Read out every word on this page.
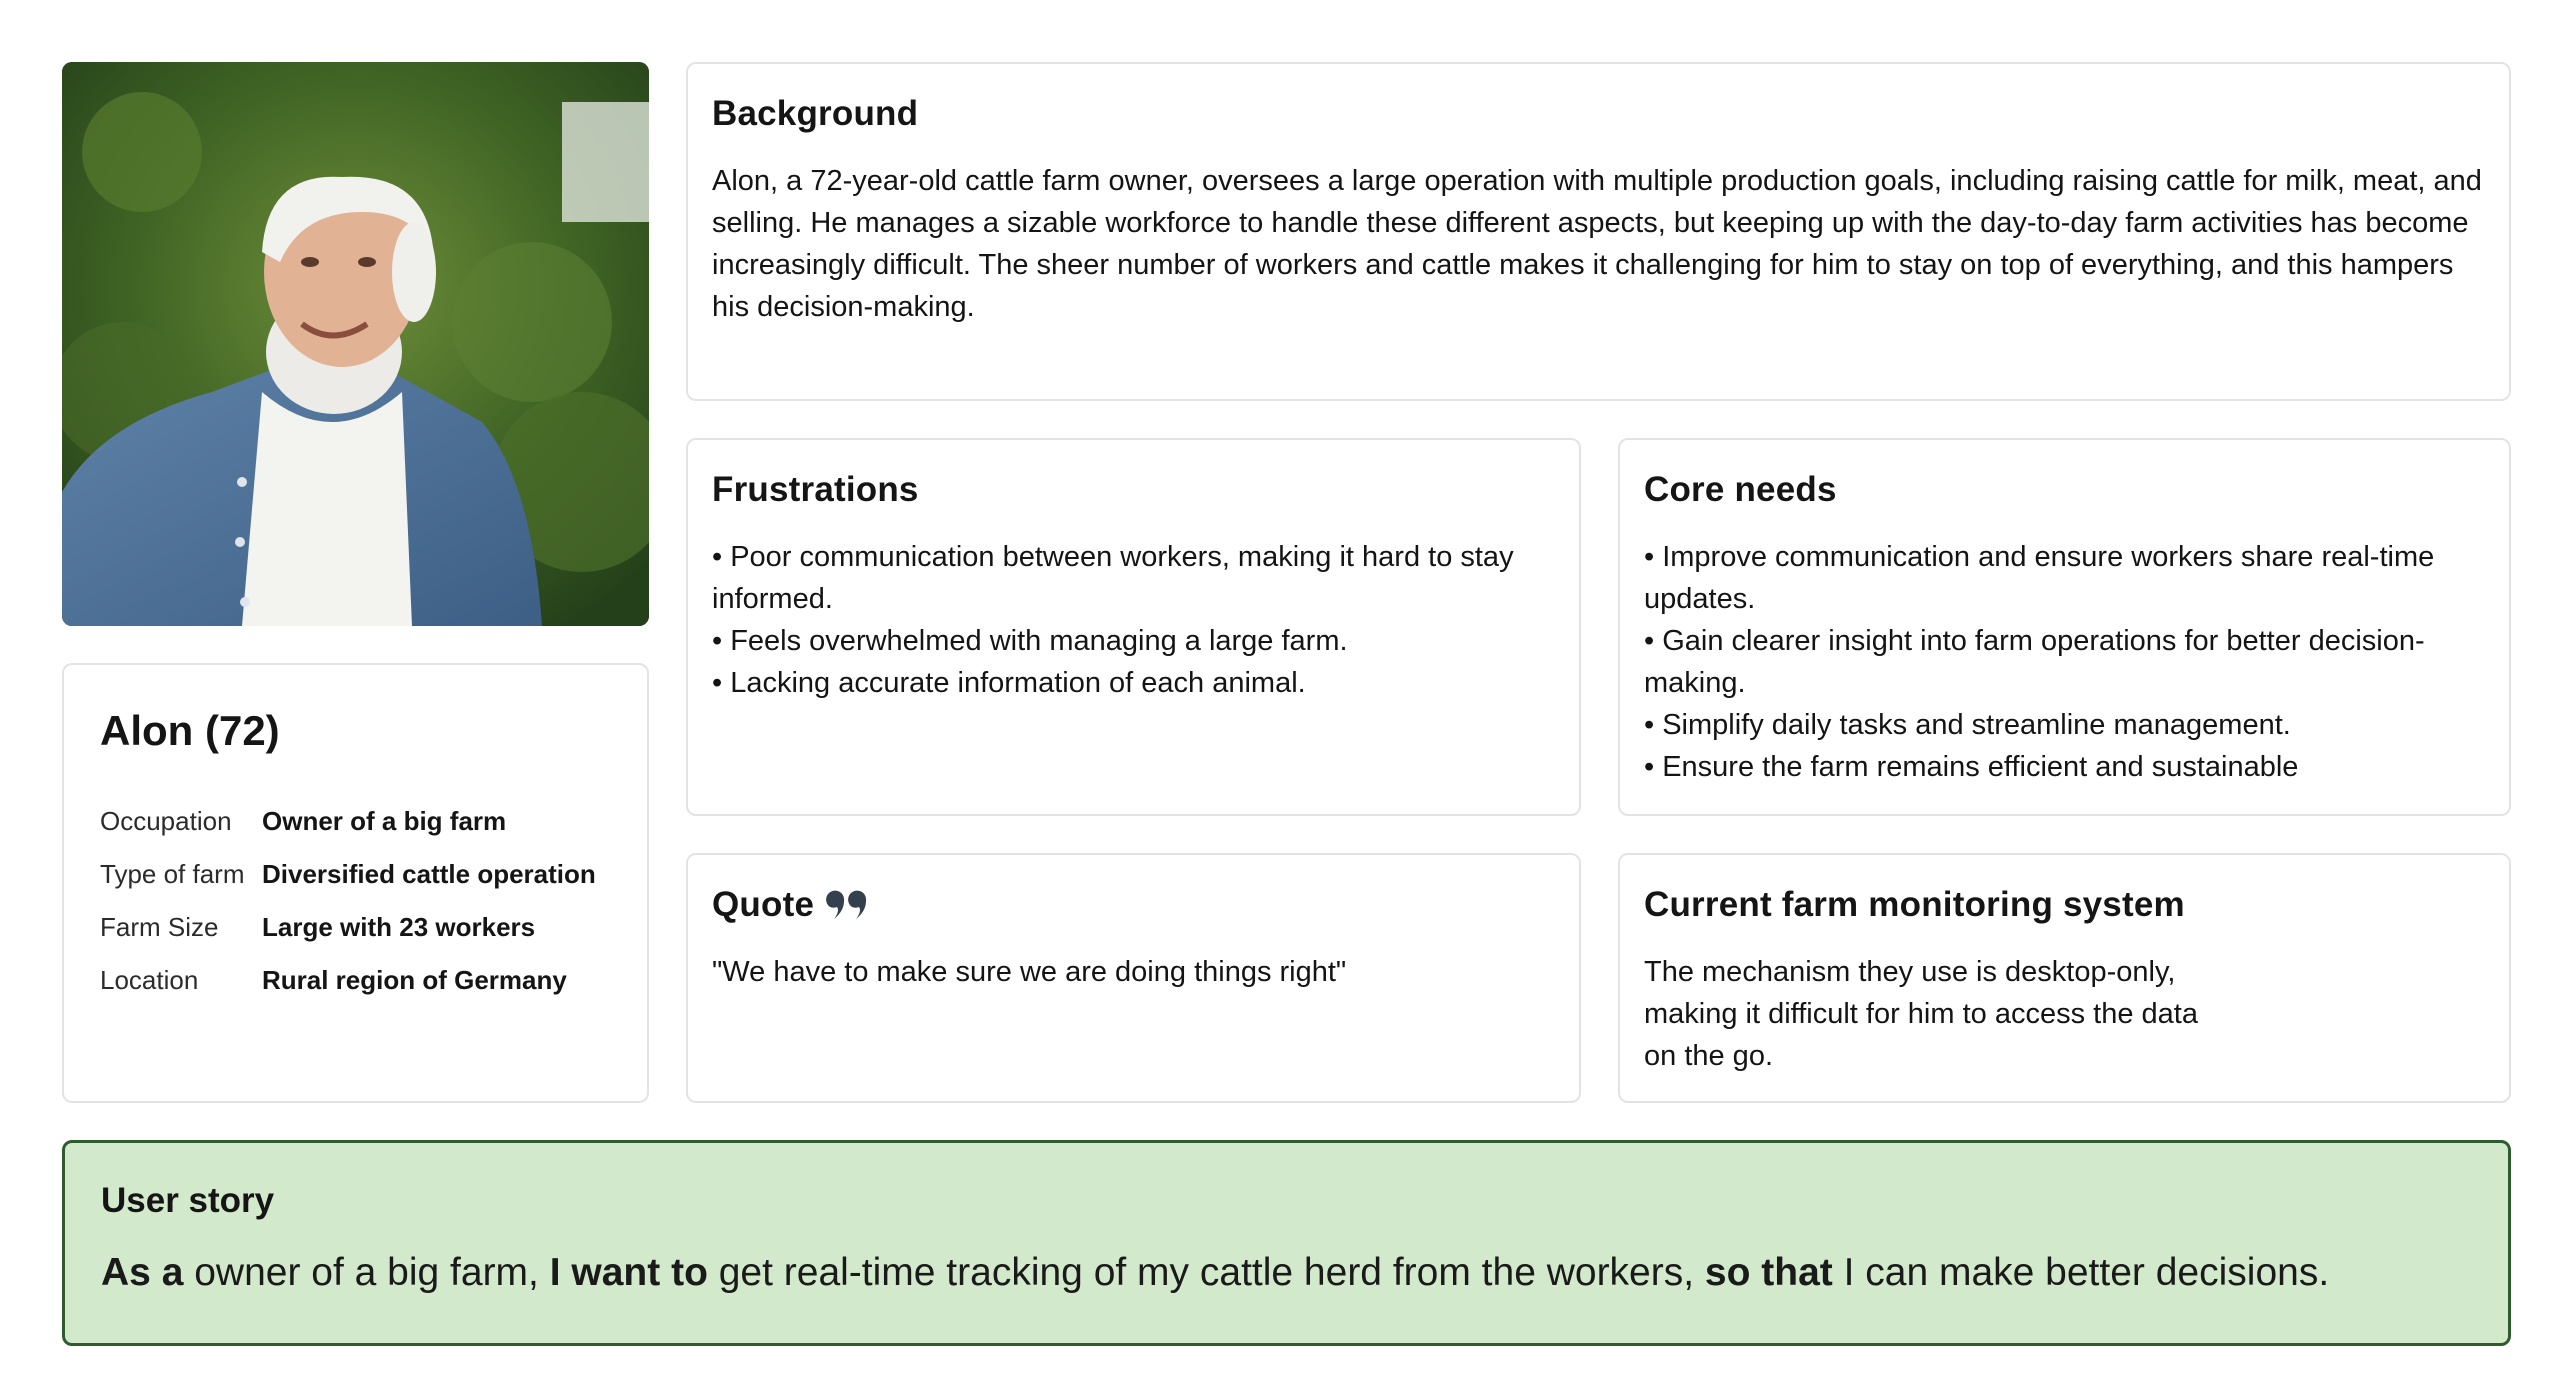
Alon (72)
Occupation	Owner of a big farm
Type of farm Diversified cattle operation
Farm Size	Large with 23 workers
Location	Rural region of Germany
Background

Alon, a 72-year-old cattle farm owner, oversees a large operation with multiple production goals, including raising cattle for milk, meat, and selling. He manages a sizable workforce to handle these different aspects, but keeping up with the day-to-day farm activities has become increasingly difficult. The sheer number of workers and cattle makes it challenging for him to stay on top of everything, and this hampers his decision-making.

Frustrations
• Poor communication between workers, making it hard to stay informed.
• Feels overwhelmed with managing a large farm.
• Lacking accurate information of each animal.
Core needs
• Improve communication and ensure workers share real-time updates.
• Gain clearer insight into farm operations for better decision-making.
• Simplify daily tasks and streamline management.
• Ensure the farm remains efficient and sustainable
Quote

"We have to make sure we are doing things right"

Current farm monitoring system

The mechanism they use is desktop-only, making it difficult for him to access the data on the go.

User story

As a owner of a big farm, I want to get real-time tracking of my cattle herd from the workers, so that I can make better decisions.
